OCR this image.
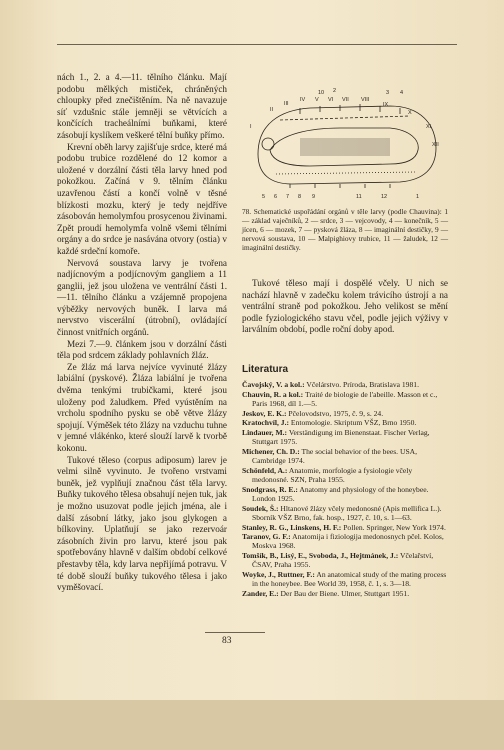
nách 1., 2. a 4.—11. tělního článku. Mají podobu mělkých mističek, chráněných chloupky před znečištěním. Na ně navazuje síť vzdušnic stále jemněji se větvících a končících tracheálními buňkami, které zásobují kyslíkem veškeré tělní buňky přímo.

Krevní oběh larvy zajišťuje srdce, které má podobu trubice rozdělené do 12 komor a uložené v dorzální části těla larvy hned pod pokožkou. Začíná v 9. tělním článku uzavřenou částí a končí volně v těsné blízkosti mozku, který je tedy nejdříve zásobován hemolymfou prosycenou živinami. Zpět proudí hemolymfa volně všemi tělními orgány a do srdce je nasávána otvory (ostia) v každé srdeční komoře.

Nervová soustava larvy je tvořena nadjícnovým a podjícnovým gangliem a 11 ganglii, jež jsou uložena ve ventrální části 1.—11. tělního článku a vzájemně propojena výběžky nervových buněk. I larva má nervstvo viscerální (útrobní), ovládající činnost vnitřních orgánů.

Mezi 7.—9. článkem jsou v dorzální části těla pod srdcem základy pohlavních žláz.

Ze žláz má larva nejvíce vyvinuté žlázy labiální (pyskové). Žláza labiální je tvořena dvěma tenkými trubičkami, které jsou uloženy pod žaludkem. Před vyústěním na vrcholu spodního pysku se obě větve žlázy spojují. Výměšek této žlázy na vzduchu tuhne v jemné vlákénko, které slouží larvě k tvorbě kokonu.

Tukové těleso (corpus adiposum) larev je velmi silně vyvinuto. Je tvořeno vrstvami buněk, jež vyplňují značnou část těla larvy. Buňky tukového tělesa obsahují nejen tuk, jak je možno usuzovat podle jejich jména, ale i další zásobní látky, jako jsou glykogen a bílkoviny. Uplatňují se jako rezervoár zásobních živin pro larvu, které jsou pak spotřebovány hlavně v dalším období celkové přestavby těla, kdy larva nepřijímá potravu. V té době slouží buňky tukového tělesa i jako vyměšovací.

10 2
IV V VI VII VIII
3 4
IX
III
II	X
XI
I
XII
5 6 7 8 9	11	12	1
78. Schematické uspořádání orgánů v těle larvy (podle Chauvina): 1 — základ vaječníků, 2 — srdce, 3 — vejcovody, 4 — konečník, 5 — jícen, 6 — mozek, 7 — pysková žláza, 8 — imaginální destičky, 9 — nervová soustava, 10 — Malpighiovy trubice, 11 — žaludek, 12 — imaginální destičky.

Tukové těleso mají i dospělé včely. U nich se nachází hlavně v zadečku kolem trávicího ústrojí a na ventrální straně pod pokožkou. Jeho velikost se mění podle fyziologického stavu včel, podle jejich výživy v larválním období, podle roční doby apod.

Literatura

Čavojský, V. a kol.: Včelárstvo. Príroda, Bratislava 1981.

Chauvin, R. a kol.: Traité de biologie de l'abeille. Masson et c., Paris 1968, díl 1.—5.

Jeskov, E. K.: Pčelovodstvo, 1975, č. 9, s. 24.

Kratochvíl, J.: Entomologie. Skriptum VŠZ, Brno 1950.

Lindauer, M.: Verständigung im Bienenstaat. Fischer Verlag, Stuttgart 1975.

Michener, Ch. D.: The social behavior of the bees. USA, Cambridge 1974.

Schönfeld, A.: Anatomie, morfologie a fysiologie včely medonosné. SZN, Praha 1955.

Snodgrass, R. E.: Anatomy and physiology of the honeybee. London 1925.

Soudek, Š.: Hltanové žlázy včely medonosné (Apis mellifica L.). Sborník VŠZ Brno, fak. hosp., 1927, č. 10, s. 1—63.

Stanley, R. G., Linskens, H. F.: Pollen. Springer, New York 1974.

Taranov, G. F.: Anatomija i fiziologija medonosnych pčel. Kolos, Moskva 1968.

Tomšík, B., Lisý, E., Svoboda, J., Hejtmánek, J.: Včelařství, ČSAV, Praha 1955.

Woyke, J., Ruttner, F.: An anatomical study of the mating process in the honeybee. Bee World 39, 1958, č. 1, s. 3—18.

Zander, E.: Der Bau der Biene. Ulmer, Stuttgart 1951.

83
